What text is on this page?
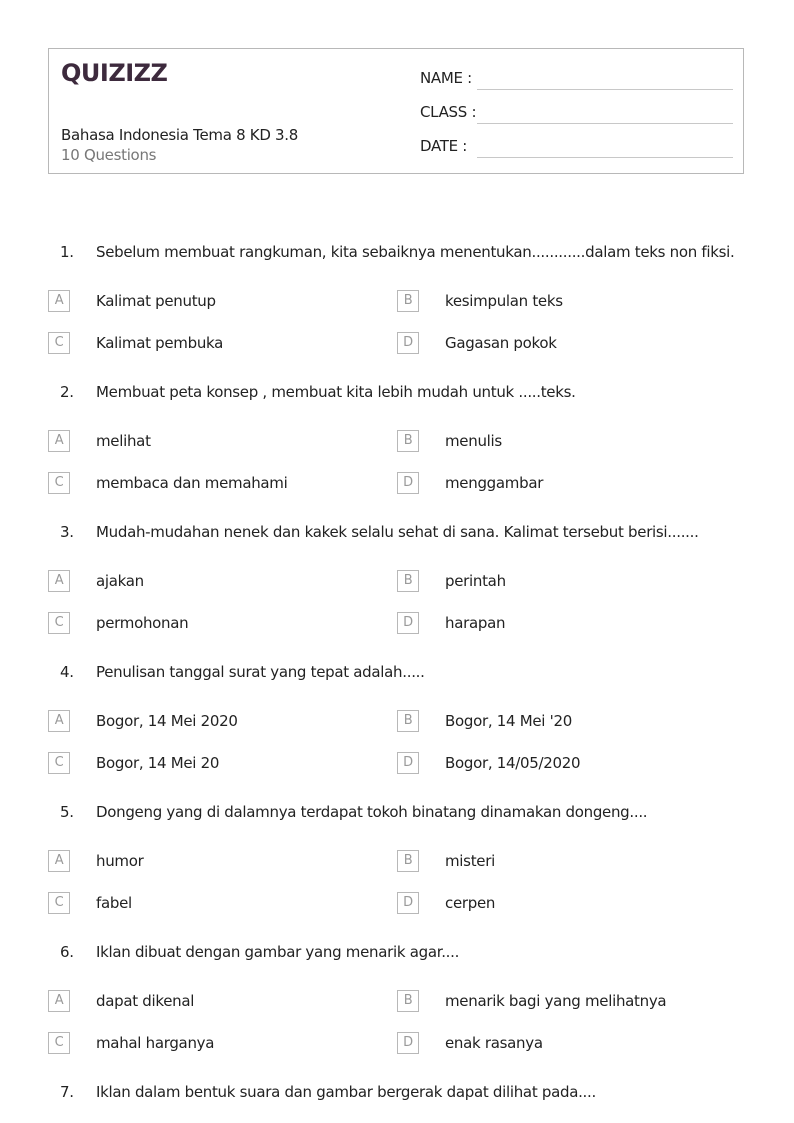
QUIZIZZ
Bahasa Indonesia Tema 8 KD 3.8
10 Questions
NAME :
CLASS :
DATE :
1. Sebelum membuat rangkuman, kita sebaiknya menentukan............dalam teks non fiksi.
A	Kalimat penutup	B	kesimpulan teks
C	Kalimat pembuka	D	Gagasan pokok
2. Membuat peta konsep , membuat kita lebih mudah untuk .....teks.
A	melihat	B	menulis
C	membaca dan memahami	D	menggambar
3. Mudah-mudahan nenek dan kakek selalu sehat di sana. Kalimat tersebut berisi.......
A	ajakan	B	perintah
C	permohonan	D	harapan
4. Penulisan tanggal surat yang tepat adalah.....
A	Bogor, 14 Mei 2020	B	Bogor, 14 Mei '20
C	Bogor, 14 Mei 20	D	Bogor, 14/05/2020
5. Dongeng yang di dalamnya terdapat tokoh binatang dinamakan dongeng....
A	humor	B	misteri
C	fabel	D	cerpen
6. Iklan dibuat dengan gambar yang menarik agar....
A	dapat dikenal	B	menarik bagi yang melihatnya
C	mahal harganya	D	enak rasanya
7. Iklan dalam bentuk suara dan gambar bergerak dapat dilihat pada....
